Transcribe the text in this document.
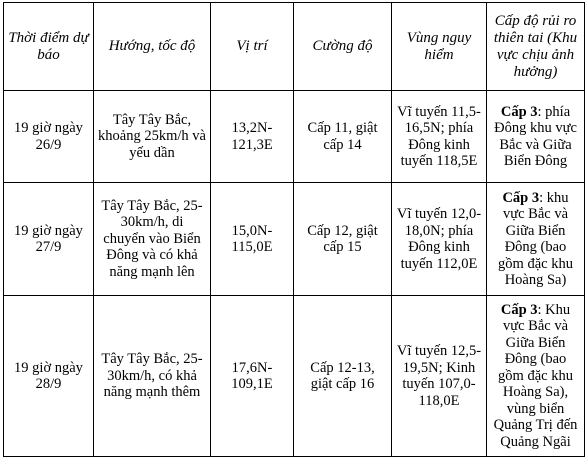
Thời điểm dự báo	Hướng, tốc độ	Vị trí	Cường độ	Vùng nguy hiểm	Cấp độ rủi ro thiên tai (Khu vực chịu ảnh hưởng)
19 giờ ngày 26/9	Tây Tây Bắc, khoảng 25km/h và yếu dần	13,2N-121,3E	Cấp 11, giật cấp 14	Vĩ tuyến 11,5-16,5N; phía Đông kinh tuyến 118,5E	Cấp 3: phía Đông khu vực Bắc và Giữa Biển Đông
19 giờ ngày 27/9	Tây Tây Bắc, 25-30km/h, di chuyển vào Biển Đông và có khả năng mạnh lên	15,0N-115,0E	Cấp 12, giật cấp 15	Vĩ tuyến 12,0-18,0N; phía Đông kinh tuyến 112,0E	Cấp 3: khu vực Bắc và Giữa Biển Đông (bao gồm đặc khu Hoàng Sa)
19 giờ ngày 28/9	Tây Tây Bắc, 25-30km/h, có khả năng mạnh thêm	17,6N-109,1E	Cấp 12-13, giật cấp 16	Vĩ tuyến 12,5-19,5N; Kinh tuyến 107,0-118,0E	Cấp 3: Khu vực Bắc và Giữa Biển Đông (bao gồm đặc khu Hoàng Sa), vùng biển Quảng Trị đến Quảng Ngãi
